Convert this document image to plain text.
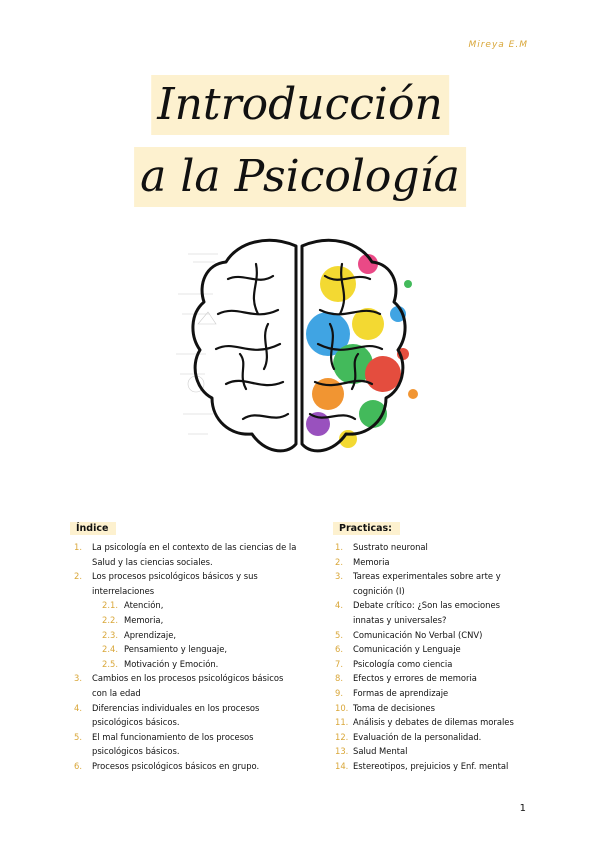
Mireya E.M
Introducción
a la Psicología
Índice
1. La psicología en el contexto de las ciencias de la Salud y las ciencias sociales.
2. Los procesos psicológicos básicos y sus interrelaciones
2.1. Atención,
2.2. Memoria,
2.3. Aprendizaje,
2.4. Pensamiento y lenguaje,
2.5. Motivación y Emoción.
3. Cambios en los procesos psicológicos básicos con la edad
4. Diferencias individuales en los procesos psicológicos básicos.
5. El mal funcionamiento de los procesos psicológicos básicos.
6. Procesos psicológicos básicos en grupo.
Practicas:
1. Sustrato neuronal
2. Memoria
3. Tareas experimentales sobre arte y cognición (I)
4. Debate crítico: ¿Son las emociones innatas y universales?
5. Comunicación No Verbal (CNV)
6. Comunicación y Lenguaje
7. Psicología como ciencia
8. Efectos y errores de memoria
9. Formas de aprendizaje
10. Toma de decisiones
11. Análisis y debates de dilemas morales
12. Evaluación de la personalidad.
13. Salud Mental
14. Estereotipos, prejuicios y Enf. mental
1
